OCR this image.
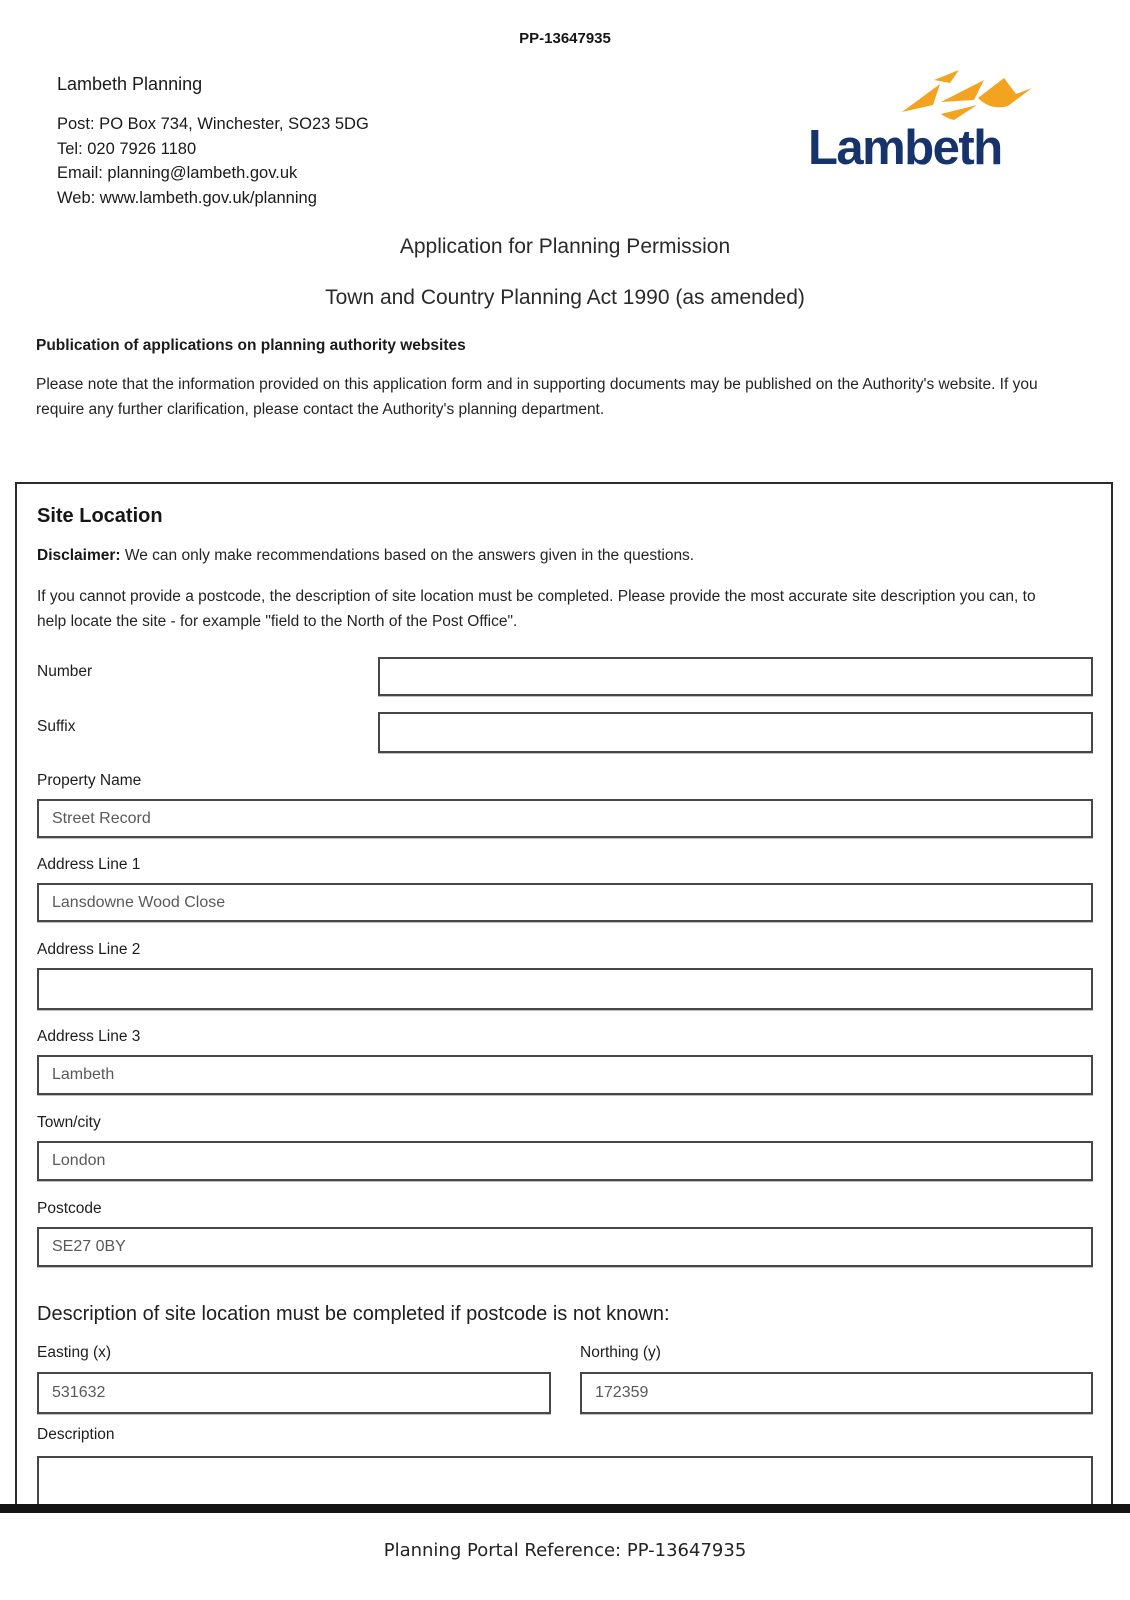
PP-13647935
Lambeth Planning
Post: PO Box 734, Winchester, SO23 5DG
Tel: 020 7926 1180
Email: planning@lambeth.gov.uk
Web: www.lambeth.gov.uk/planning
Lambeth
Application for Planning Permission
Town and Country Planning Act 1990 (as amended)
Publication of applications on planning authority websites
Please note that the information provided on this application form and in supporting documents may be published on the Authority's website. If you require any further clarification, please contact the Authority's planning department.
Site Location
Disclaimer: We can only make recommendations based on the answers given in the questions.
If you cannot provide a postcode, the description of site location must be completed. Please provide the most accurate site description you can, to help locate the site - for example "field to the North of the Post Office".
Number
Suffix
Property Name
Street Record
Address Line 1
Lansdowne Wood Close
Address Line 2
Address Line 3
Lambeth
Town/city
London
Postcode
SE27 0BY
Description of site location must be completed if postcode is not known:
Easting (x)
531632	Northing (y)
172359
Description
Planning Portal Reference: PP-13647935
